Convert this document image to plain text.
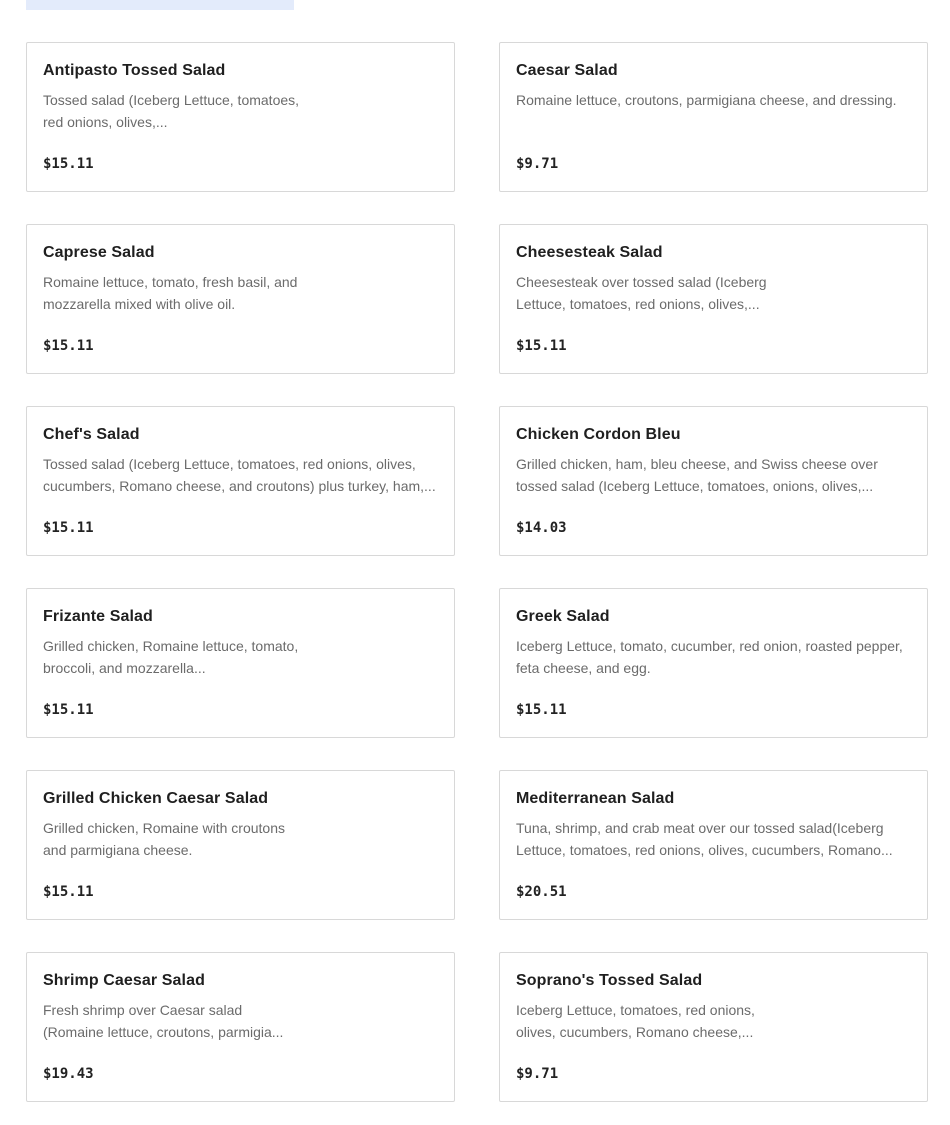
Antipasto Tossed Salad
Tossed salad (Iceberg Lettuce, tomatoes, red onions, olives,...
$15.11
Caesar Salad
Romaine lettuce, croutons, parmigiana cheese, and dressing.
$9.71
Caprese Salad
Romaine lettuce, tomato, fresh basil, and mozzarella mixed with olive oil.
$15.11
Cheesesteak Salad
Cheesesteak over tossed salad (Iceberg Lettuce, tomatoes, red onions, olives,...
$15.11
Chef's Salad
Tossed salad (Iceberg Lettuce, tomatoes, red onions, olives, cucumbers, Romano cheese, and croutons) plus turkey, ham,...
$15.11
Chicken Cordon Bleu
Grilled chicken, ham, bleu cheese, and Swiss cheese over tossed salad (Iceberg Lettuce, tomatoes, onions, olives,...
$14.03
Frizante Salad
Grilled chicken, Romaine lettuce, tomato, broccoli, and mozzarella...
$15.11
Greek Salad
Iceberg Lettuce, tomato, cucumber, red onion, roasted pepper, feta cheese, and egg.
$15.11
Grilled Chicken Caesar Salad
Grilled chicken, Romaine with croutons and parmigiana cheese.
$15.11
Mediterranean Salad
Tuna, shrimp, and crab meat over our tossed salad(Iceberg Lettuce, tomatoes, red onions, olives, cucumbers, Romano...
$20.51
Shrimp Caesar Salad
Fresh shrimp over Caesar salad (Romaine lettuce, croutons, parmigia...
$19.43
Soprano's Tossed Salad
Iceberg Lettuce, tomatoes, red onions, olives, cucumbers, Romano cheese,...
$9.71
